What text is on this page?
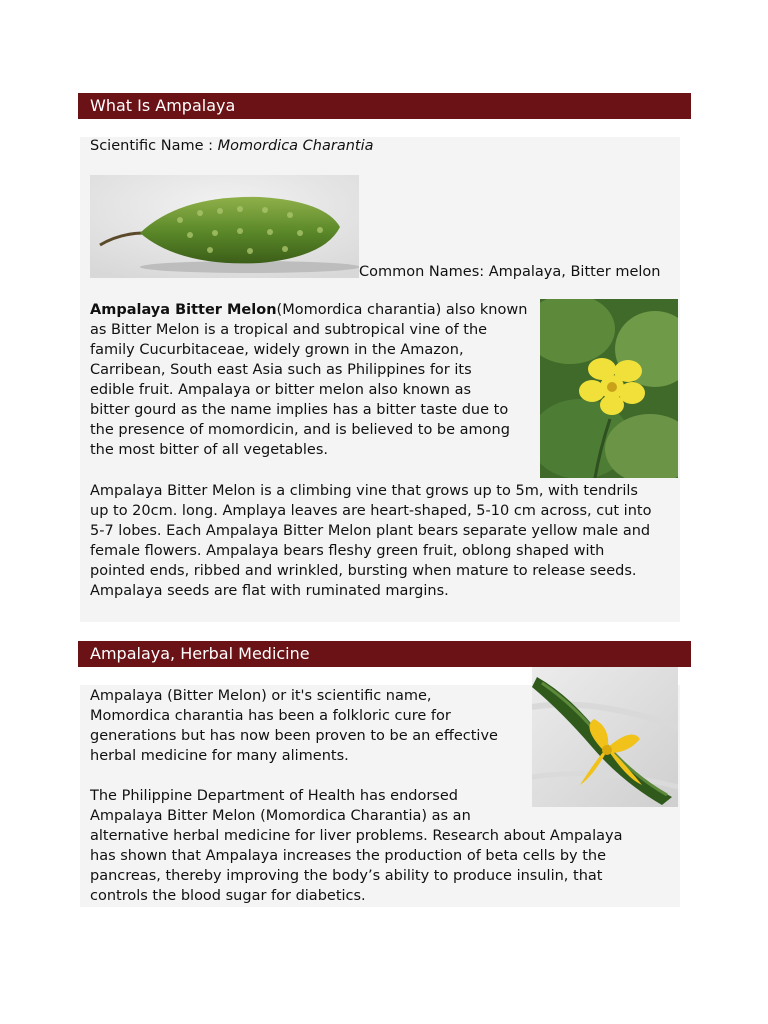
What Is Ampalaya

Scientific Name : Momordica Charantia

Common Names: Ampalaya, Bitter melon

Ampalaya Bitter Melon(Momordica charantia) also known
as Bitter Melon is a tropical and subtropical vine of the
family Cucurbitaceae, widely grown in the Amazon,
Carribean, South east Asia such as Philippines for its
edible fruit. Ampalaya or bitter melon also known as
bitter gourd as the name implies has a bitter taste due to
the presence of momordicin, and is believed to be among
the most bitter of all vegetables.

Ampalaya Bitter Melon is a climbing vine that grows up to 5m, with tendrils
up to 20cm. long. Amplaya leaves are heart-shaped, 5-10 cm across, cut into
5-7 lobes. Each Ampalaya Bitter Melon plant bears separate yellow male and
female flowers. Ampalaya bears fleshy green fruit, oblong shaped with
pointed ends, ribbed and wrinkled, bursting when mature to release seeds.
Ampalaya seeds are flat with ruminated margins.

Ampalaya, Herbal Medicine

Ampalaya (Bitter Melon) or it's scientific name,
Momordica charantia has been a folkloric cure for
generations but has now been proven to be an effective
herbal medicine for many aliments.

The Philippine Department of Health has endorsed
Ampalaya Bitter Melon (Momordica Charantia) as an
alternative herbal medicine for liver problems. Research about Ampalaya
has shown that Ampalaya increases the production of beta cells by the
pancreas, thereby improving the body’s ability to produce insulin, that
controls the blood sugar for diabetics.
